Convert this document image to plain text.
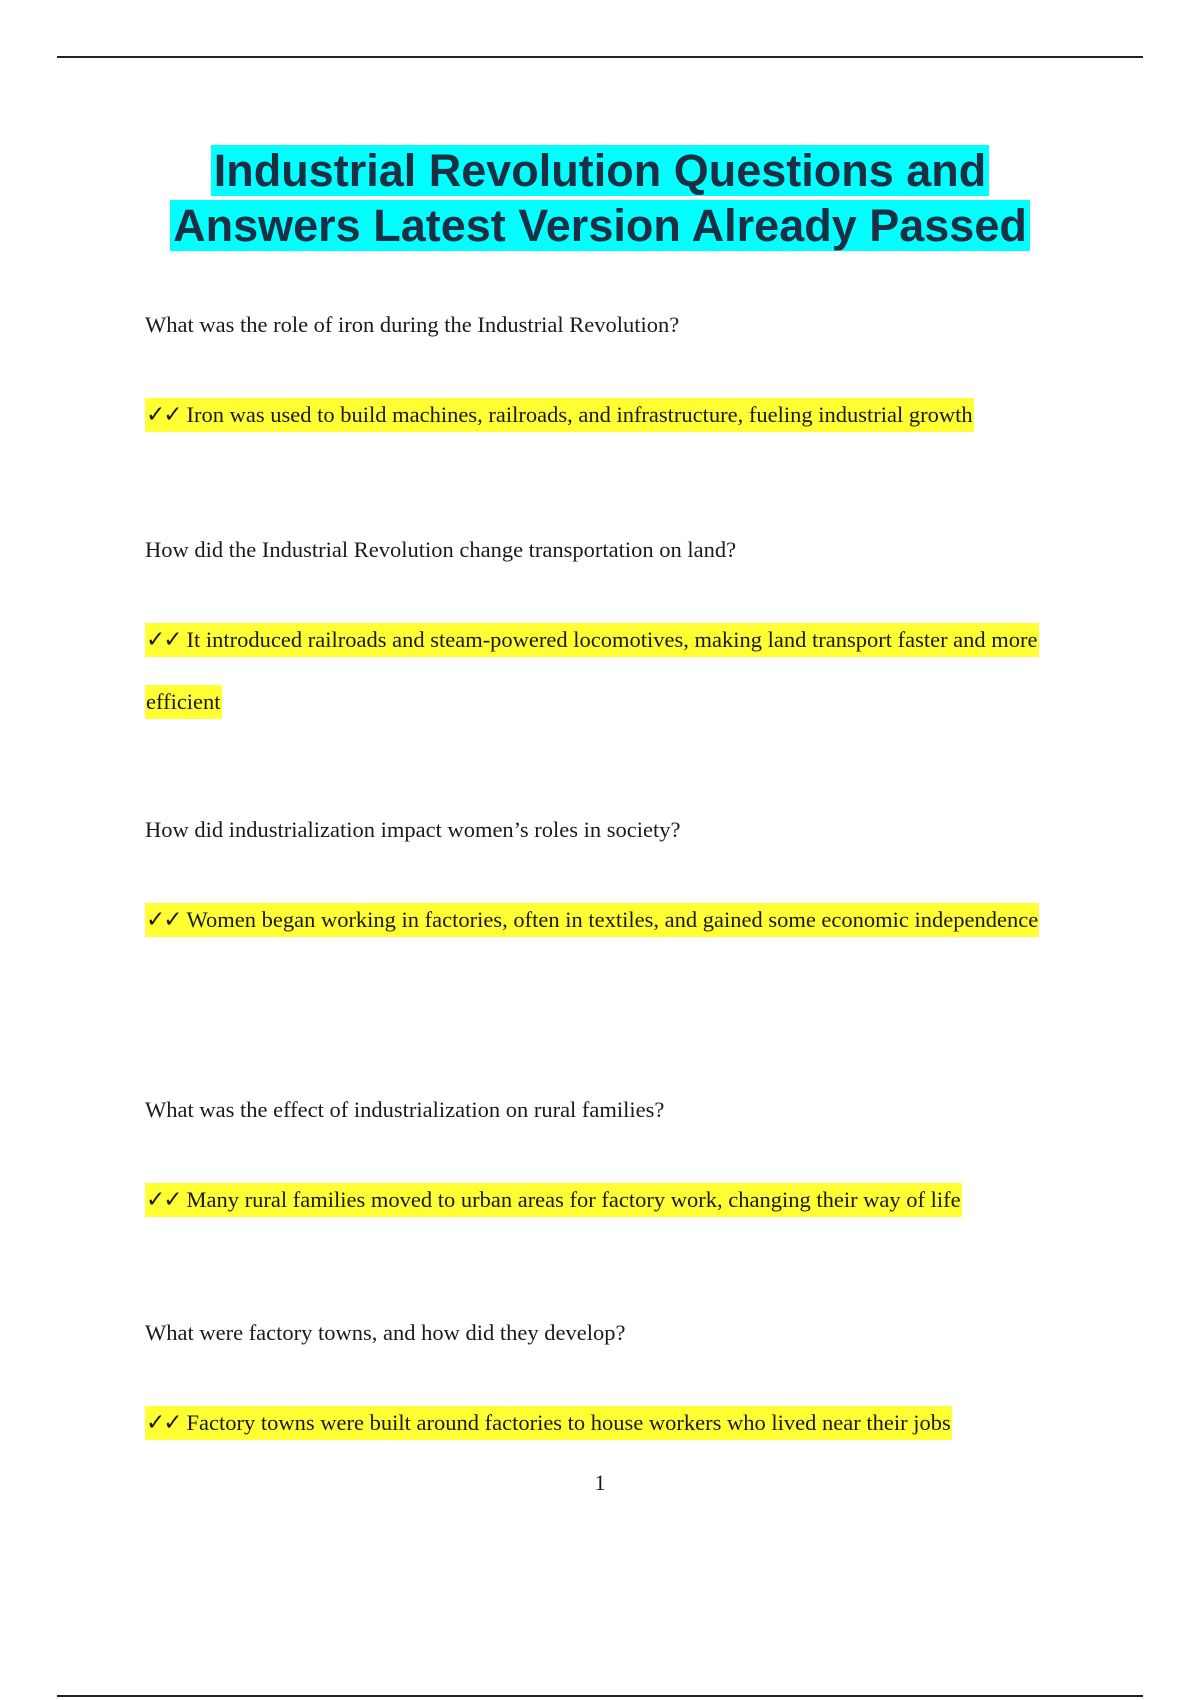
Industrial Revolution Questions and
Answers Latest Version Already Passed

What was the role of iron during the Industrial Revolution?

✓✓ Iron was used to build machines, railroads, and infrastructure, fueling industrial growth

How did the Industrial Revolution change transportation on land?

✓✓ It introduced railroads and steam-powered locomotives, making land transport faster and more efficient

How did industrialization impact women’s roles in society?

✓✓ Women began working in factories, often in textiles, and gained some economic independence

What was the effect of industrialization on rural families?

✓✓ Many rural families moved to urban areas for factory work, changing their way of life

What were factory towns, and how did they develop?

✓✓ Factory towns were built around factories to house workers who lived near their jobs

1
